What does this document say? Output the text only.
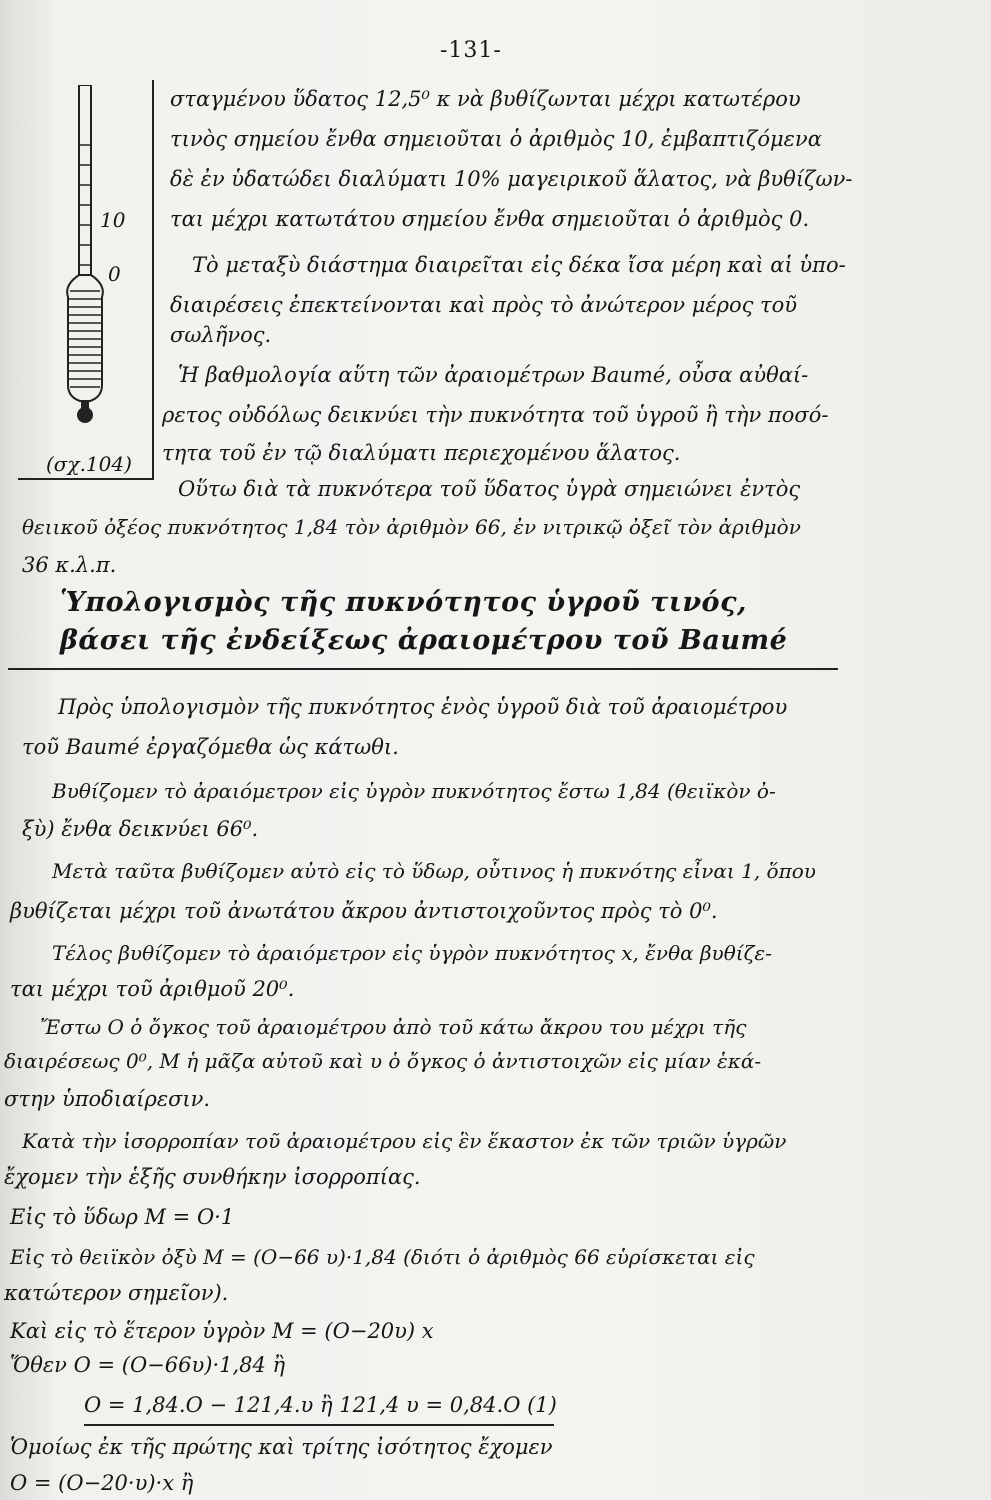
-131-
10
0
(σχ.104)
σταγμένου ὕδατος 12,5⁰ κ νὰ βυθίζωνται μέχρι κατωτέρου
τινὸς σημείου ἔνθα σημειοῦται ὁ ἀριθμὸς 10, ἐμβαπτιζόμενα
δὲ ἐν ὑδατώδει διαλύματι 10% μαγειρικοῦ ἅλατος, νὰ βυθίζων-
ται μέχρι κατωτάτου σημείου ἔνθα σημειοῦται ὁ ἀριθμὸς 0.
Τὸ μεταξὺ διάστημα διαιρεῖται εἰς δέκα ἴσα μέρη καὶ αἱ ὑπο-
διαιρέσεις ἐπεκτείνονται καὶ πρὸς τὸ ἀνώτερον μέρος τοῦ
σωλῆνος.
Ἡ βαθμολογία αὕτη τῶν ἀραιομέτρων Baumé, οὖσα αὐθαί-
ρετος οὐδόλως δεικνύει τὴν πυκνότητα τοῦ ὑγροῦ ἢ τὴν ποσό-
τητα τοῦ ἐν τῷ διαλύματι περιεχομένου ἅλατος.
Οὕτω διὰ τὰ πυκνότερα τοῦ ὕδατος ὑγρὰ σημειώνει ἐντὸς
θειικοῦ ὀξέος πυκνότητος 1,84 τὸν ἀριθμὸν 66, ἐν νιτρικῷ ὀξεῖ τὸν ἀριθμὸν
36 κ.λ.π.
Ὑπολογισμὸς τῆς πυκνότητος ὑγροῦ τινός,
βάσει τῆς ἐνδείξεως ἀραιομέτρου τοῦ Baumé
Πρὸς ὑπολογισμὸν τῆς πυκνότητος ἑνὸς ὑγροῦ διὰ τοῦ ἀραιομέτρου
τοῦ Baumé ἐργαζόμεθα ὡς κάτωθι.
Βυθίζομεν τὸ ἀραιόμετρον εἰς ὑγρὸν πυκνότητος ἔστω 1,84 (θειϊκὸν ὀ-
ξὺ) ἔνθα δεικνύει 66⁰.
Μετὰ ταῦτα βυθίζομεν αὐτὸ εἰς τὸ ὕδωρ, οὗτινος ἡ πυκνότης εἶναι 1, ὅπου
βυθίζεται μέχρι τοῦ ἀνωτάτου ἄκρου ἀντιστοιχοῦντος πρὸς τὸ 0⁰.
Τέλος βυθίζομεν τὸ ἀραιόμετρον εἰς ὑγρὸν πυκνότητος x, ἔνθα βυθίζε-
ται μέχρι τοῦ ἀριθμοῦ 20⁰.
Ἔστω O ὁ ὄγκος τοῦ ἀραιομέτρου ἀπὸ τοῦ κάτω ἄκρου του μέχρι τῆς
διαιρέσεως 0⁰, M ἡ μᾶζα αὐτοῦ καὶ υ ὁ ὄγκος ὁ ἀντιστοιχῶν εἰς μίαν ἑκά-
στην ὑποδιαίρεσιν.
Κατὰ τὴν ἰσορροπίαν τοῦ ἀραιομέτρου εἰς ἓν ἕκαστον ἐκ τῶν τριῶν ὑγρῶν
ἔχομεν τὴν ἑξῆς συνθήκην ἰσορροπίας.
Εἰς τὸ ὕδωρ M = O·1
Εἰς τὸ θειϊκὸν ὀξὺ M = (O−66 υ)·1,84 (διότι ὁ ἀριθμὸς 66 εὑρίσκεται εἰς
κατώτερον σημεῖον).
Καὶ εἰς τὸ ἕτερον ὑγρὸν M = (O−20υ) x
Ὅθεν O = (O−66υ)·1,84 ἢ
O = 1,84.O − 121,4.υ ἢ 121,4 υ = 0,84.O (1)
Ὁμοίως ἐκ τῆς πρώτης καὶ τρίτης ἰσότητος ἔχομεν
O = (O−20·υ)·x ἢ
